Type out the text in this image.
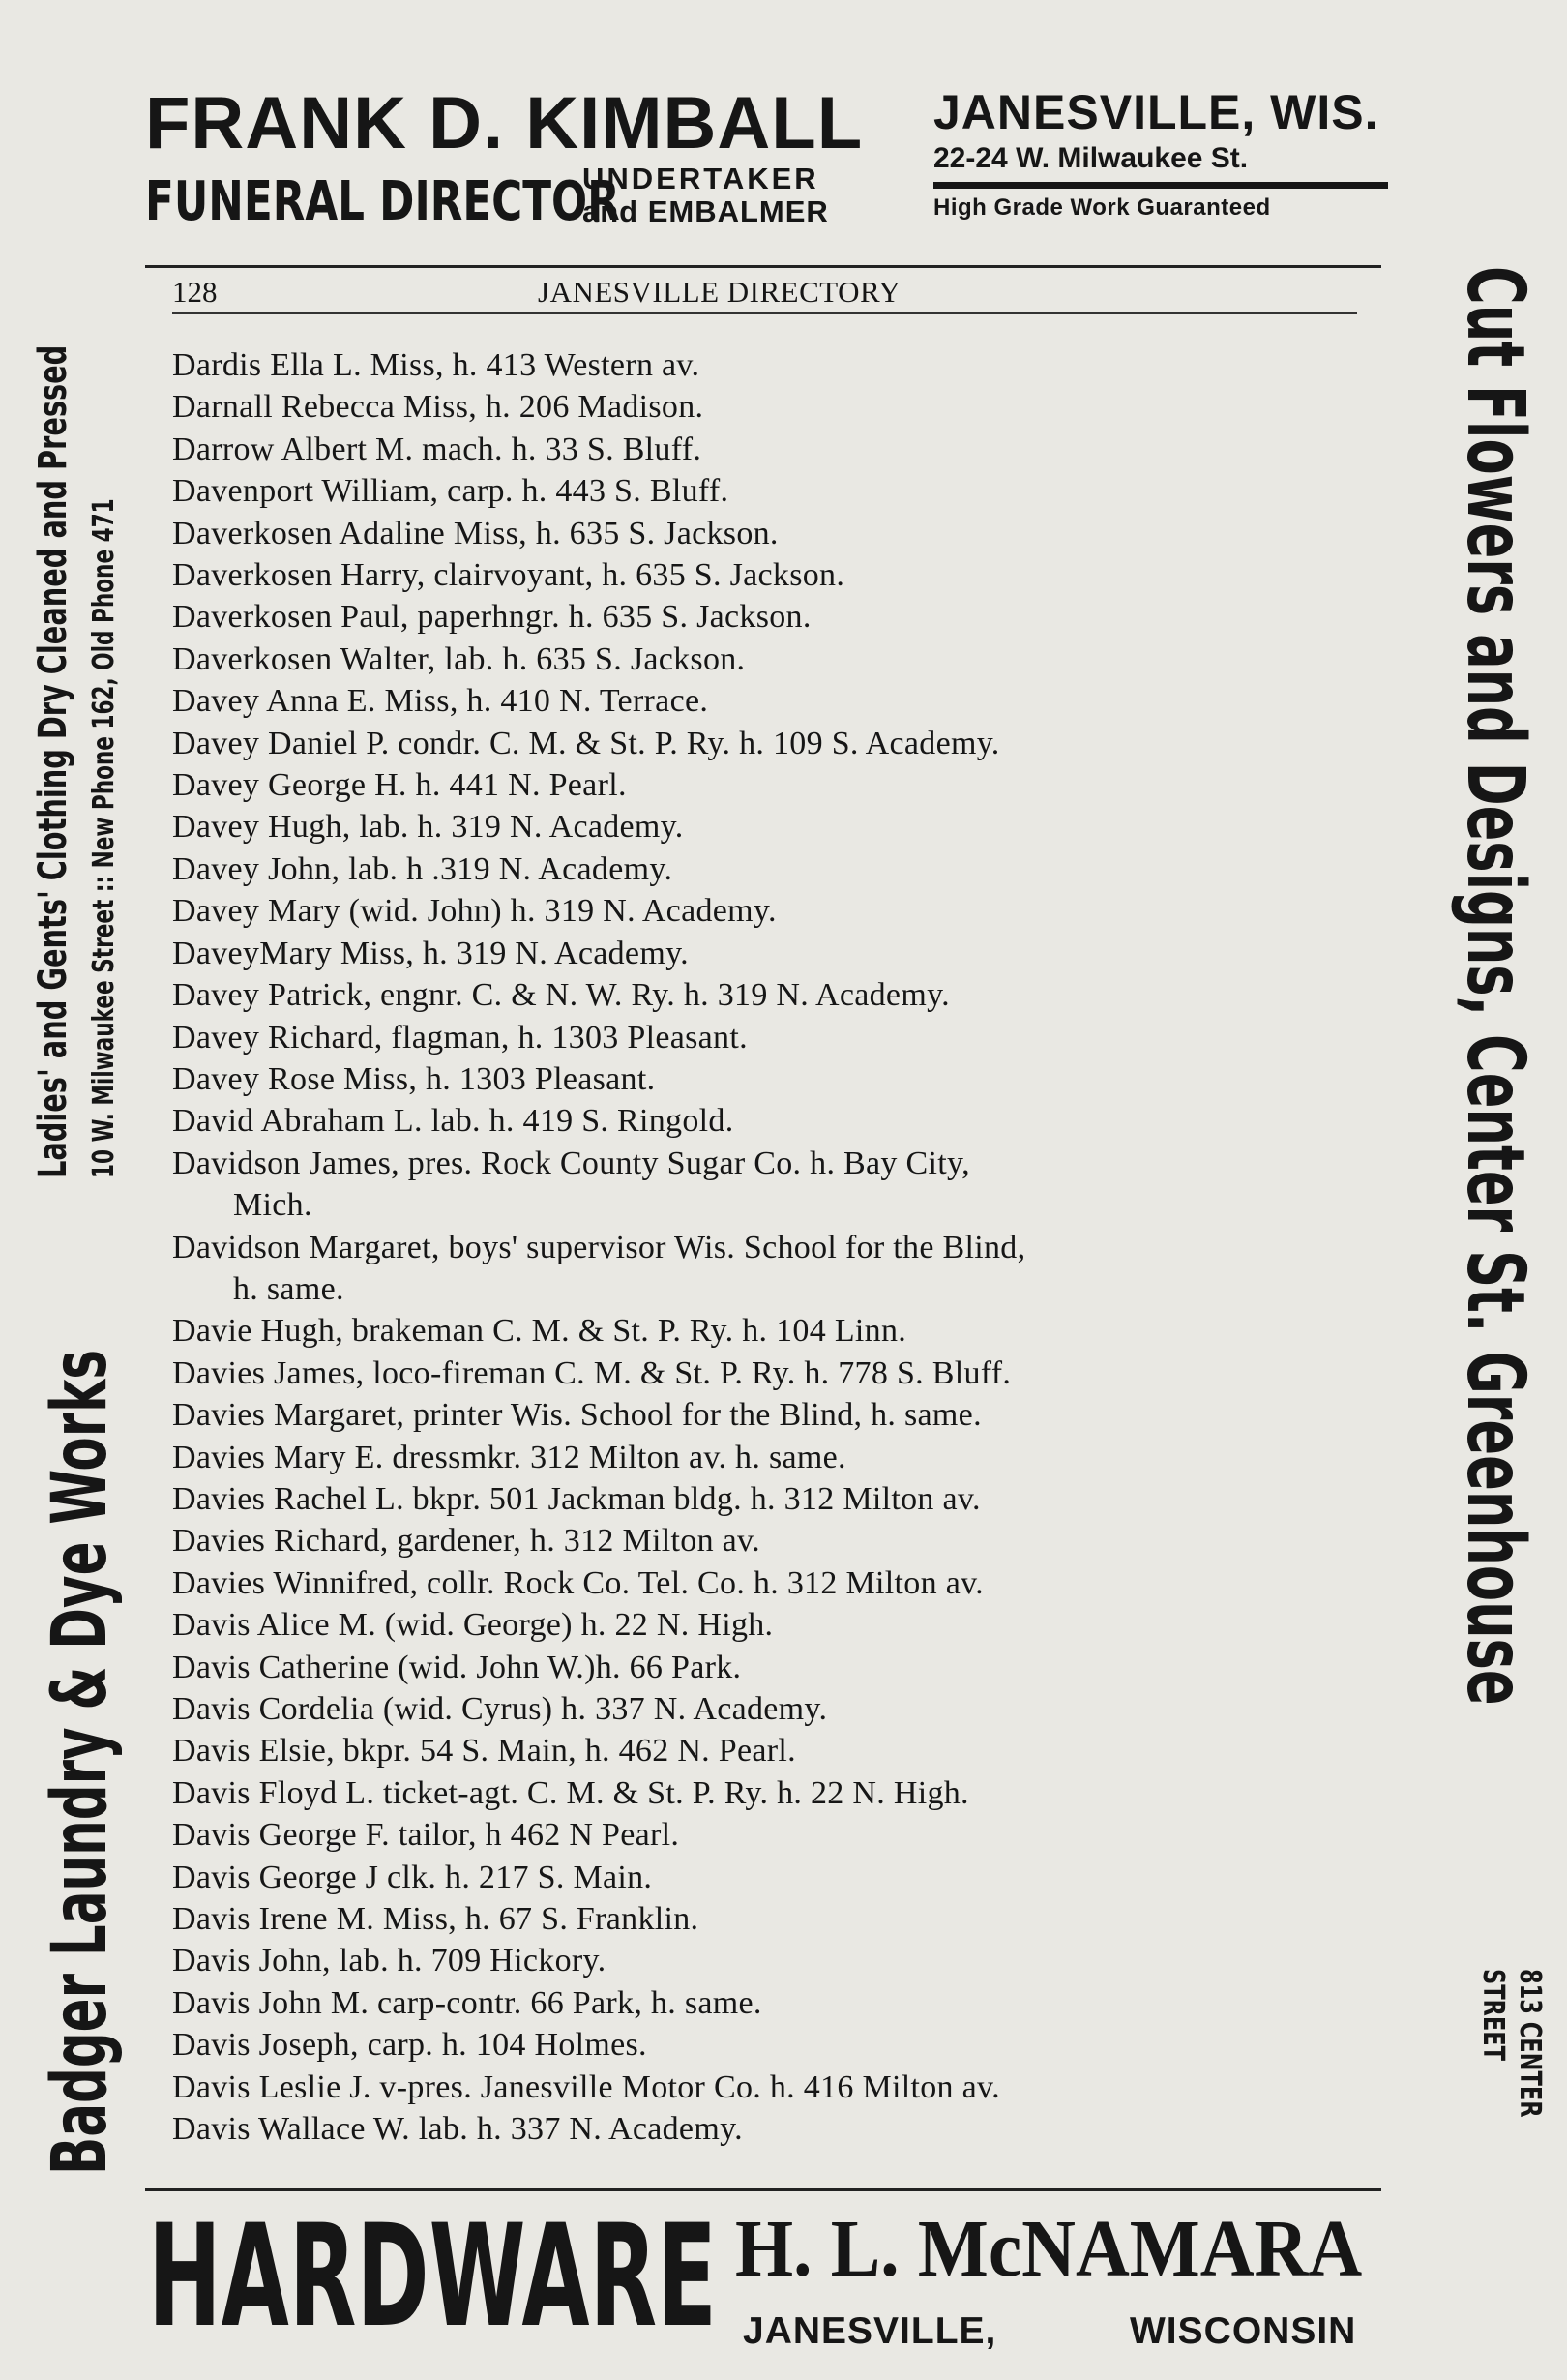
FRANK D. KIMBALL
FUNERAL DIRECTOR
UNDERTAKER
and EMBALMER
JANESVILLE, WIS.
22-24 W. Milwaukee St.
High Grade Work Guaranteed
Badger Laundry & Dye Works
Ladies' and Gents' Clothing Dry Cleaned and Pressed 10 W. Milwaukee Street :: New Phone 162, Old Phone 471	Cut Flowers and Designs, Center St. Greenhouse
813 CENTER
STREET
128	JANESVILLE DIRECTORY
Dardis Ella L. Miss, h. 413 Western av.
Darnall Rebecca Miss, h. 206 Madison.
Darrow Albert M. mach. h. 33 S. Bluff.
Davenport William, carp. h. 443 S. Bluff.
Daverkosen Adaline Miss, h. 635 S. Jackson.
Daverkosen Harry, clairvoyant, h. 635 S. Jackson.
Daverkosen Paul, paperhngr. h. 635 S. Jackson.
Daverkosen Walter, lab. h. 635 S. Jackson.
Davey Anna E. Miss, h. 410 N. Terrace.
Davey Daniel P. condr. C. M. & St. P. Ry. h. 109 S. Academy.
Davey George H. h. 441 N. Pearl.
Davey Hugh, lab. h. 319 N. Academy.
Davey John, lab. h .319 N. Academy.
Davey Mary (wid. John) h. 319 N. Academy.
DaveyMary Miss, h. 319 N. Academy.
Davey Patrick, engnr. C. & N. W. Ry. h. 319 N. Academy.
Davey Richard, flagman, h. 1303 Pleasant.
Davey Rose Miss, h. 1303 Pleasant.
David Abraham L. lab. h. 419 S. Ringold.
Davidson James, pres. Rock County Sugar Co. h. Bay City,
Mich.
Davidson Margaret, boys' supervisor Wis. School for the Blind,
h. same.
Davie Hugh, brakeman C. M. & St. P. Ry. h. 104 Linn.
Davies James, loco-fireman C. M. & St. P. Ry. h. 778 S. Bluff.
Davies Margaret, printer Wis. School for the Blind, h. same.
Davies Mary E. dressmkr. 312 Milton av. h. same.
Davies Rachel L. bkpr. 501 Jackman bldg. h. 312 Milton av.
Davies Richard, gardener, h. 312 Milton av.
Davies Winnifred, collr. Rock Co. Tel. Co. h. 312 Milton av.
Davis Alice M. (wid. George) h. 22 N. High.
Davis Catherine (wid. John W.)h. 66 Park.
Davis Cordelia (wid. Cyrus) h. 337 N. Academy.
Davis Elsie, bkpr. 54 S. Main, h. 462 N. Pearl.
Davis Floyd L. ticket-agt. C. M. & St. P. Ry. h. 22 N. High.
Davis George F. tailor, h 462 N Pearl.
Davis George J clk. h. 217 S. Main.
Davis Irene M. Miss, h. 67 S. Franklin.
Davis John, lab. h. 709 Hickory.
Davis John M. carp-contr. 66 Park, h. same.
Davis Joseph, carp. h. 104 Holmes.
Davis Leslie J. v-pres. Janesville Motor Co. h. 416 Milton av.
Davis Wallace W. lab. h. 337 N. Academy.
HARDWARE H. L. McNAMARA
JANESVILLE,	WISCONSIN
